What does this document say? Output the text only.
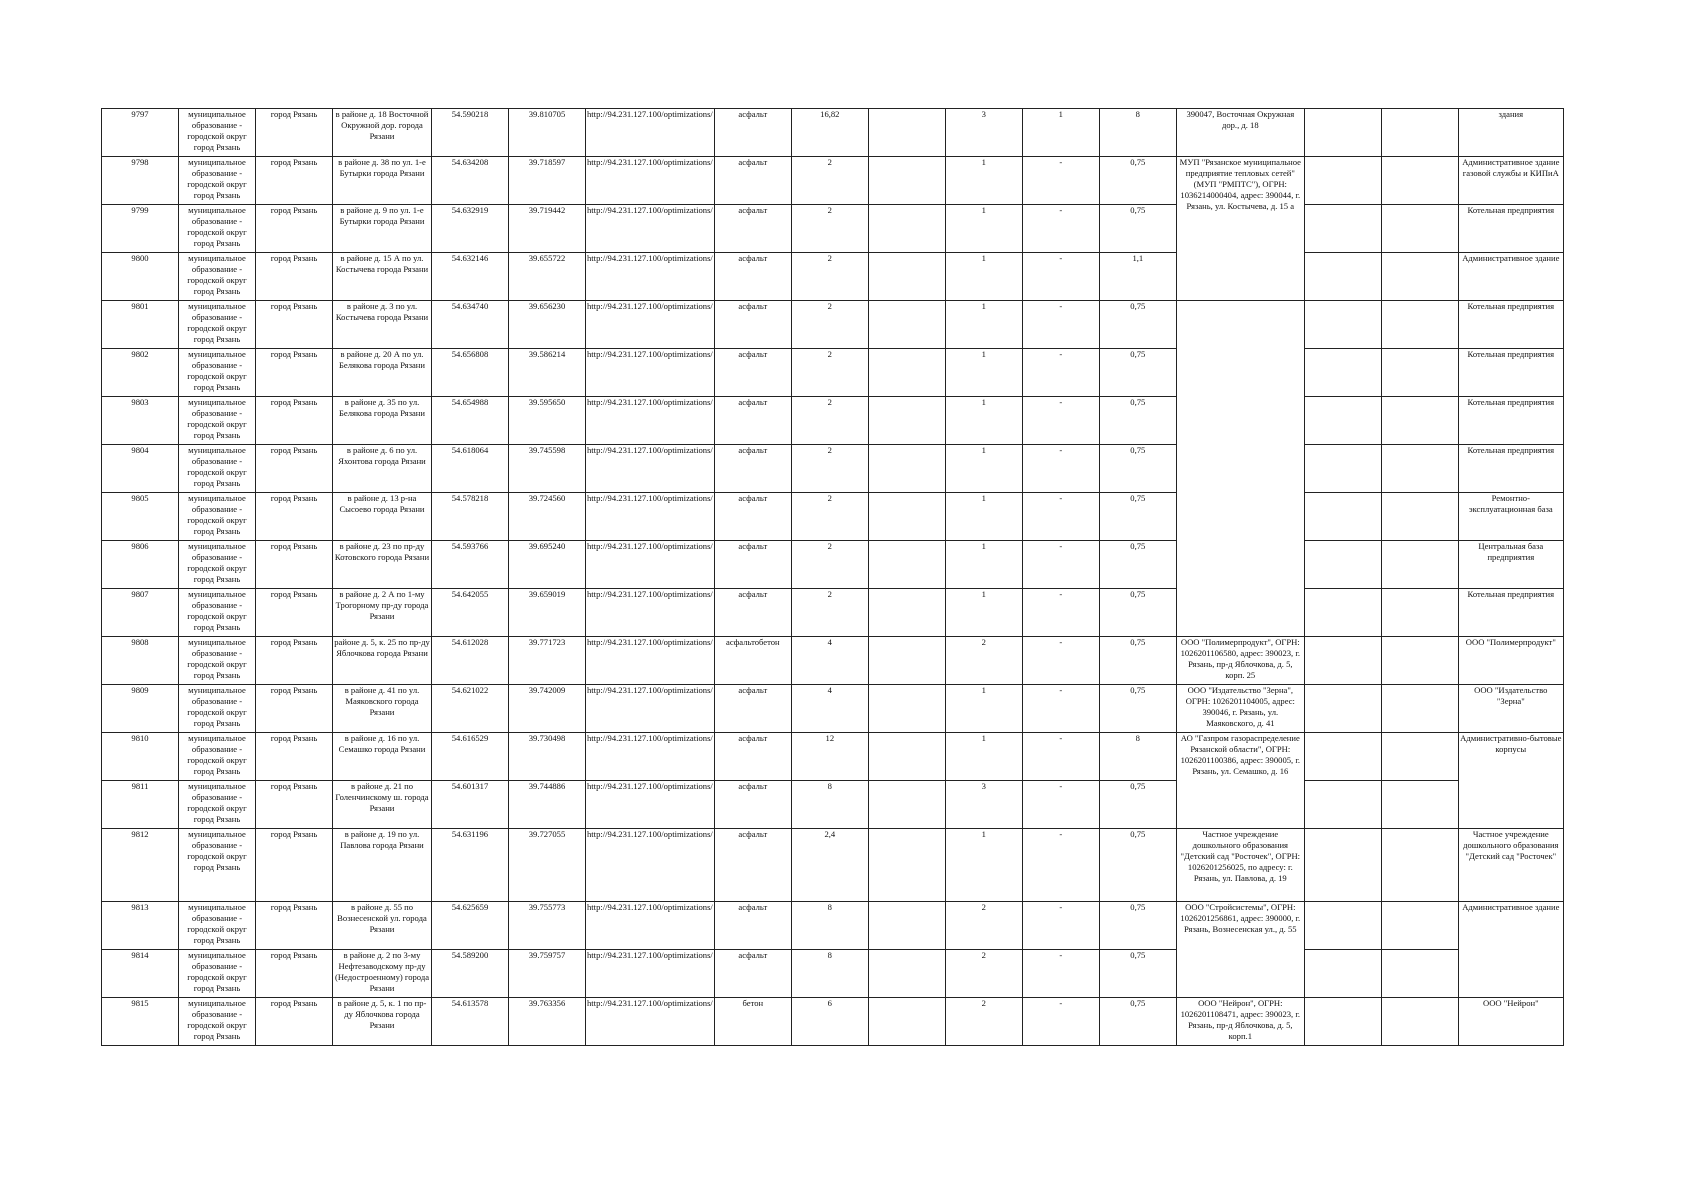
9797	муниципальное образование - городской округ город Рязань	город Рязань	в районе д. 18 Восточной Окружной дор. города Рязани	54.590218	39.810705	http://94.231.127.100/optimizations/	асфальт	16,82		3	1	8	390047, Восточная Окружная дор., д. 18			здания
9798	муниципальное образование - городской округ город Рязань	город Рязань	в районе д. 38 по ул. 1-е Бутырки города Рязани	54.634208	39.718597	http://94.231.127.100/optimizations/	асфальт	2		1	-	0,75	МУП "Рязанское муниципальное предприятие тепловых сетей" (МУП "РМПТС"), ОГРН: 1036214000404, адрес: 390044, г. Рязань, ул. Костычева, д. 15 а			Административное здание газовой службы и КИПиА
9799	муниципальное образование - городской округ город Рязань	город Рязань	в районе д. 9 по ул. 1-е Бутырки города Рязани	54.632919	39.719442	http://94.231.127.100/optimizations/	асфальт	2		1	-	0,75				Котельная предприятия
9800	муниципальное образование - городской округ город Рязань	город Рязань	в районе д. 15 А по ул. Костычева города Рязани	54.632146	39.655722	http://94.231.127.100/optimizations/	асфальт	2		1	-	1,1				Административное здание
9801	муниципальное образование - городской округ город Рязань	город Рязань	в районе д. 3 по ул. Костычева города Рязани	54.634740	39.656230	http://94.231.127.100/optimizations/	асфальт	2		1	-	0,75				Котельная предприятия
9802	муниципальное образование - городской округ город Рязань	город Рязань	в районе д. 20 А по ул. Белякова города Рязани	54.656808	39.586214	http://94.231.127.100/optimizations/	асфальт	2		1	-	0,75				Котельная предприятия
9803	муниципальное образование - городской округ город Рязань	город Рязань	в районе д. 35 по ул. Белякова города Рязани	54.654988	39.595650	http://94.231.127.100/optimizations/	асфальт	2		1	-	0,75				Котельная предприятия
9804	муниципальное образование - городской округ город Рязань	город Рязань	в районе д. 6 по ул. Яхонтова города Рязани	54.618064	39.745598	http://94.231.127.100/optimizations/	асфальт	2		1	-	0,75				Котельная предприятия
9805	муниципальное образование - городской округ город Рязань	город Рязань	в районе д. 13 р-на Сысоево города Рязани	54.578218	39.724560	http://94.231.127.100/optimizations/	асфальт	2		1	-	0,75				Ремонтно-эксплуатационная база
9806	муниципальное образование - городской округ город Рязань	город Рязань	в районе д. 23 по пр-ду Котовского города Рязани	54.593766	39.695240	http://94.231.127.100/optimizations/	асфальт	2		1	-	0,75				Центральная база предприятия
9807	муниципальное образование - городской округ город Рязань	город Рязань	в районе д. 2 А по 1-му Трогорному пр-ду города Рязани	54.642055	39.659019	http://94.231.127.100/optimizations/	асфальт	2		1	-	0,75				Котельная предприятия
9808	муниципальное образование - городской округ город Рязань	город Рязань	районе д. 5, к. 25 по пр-ду Яблочкова города Рязани	54.612028	39.771723	http://94.231.127.100/optimizations/	асфальтобетон	4		2	-	0,75	ООО "Полимерпродукт", ОГРН: 1026201106580, адрес: 390023, г. Рязань, пр-д Яблочкова, д. 5, корп. 25			ООО "Полимерпродукт"
9809	муниципальное образование - городской округ город Рязань	город Рязань	в районе д. 41 по ул. Маяковского города Рязани	54.621022	39.742009	http://94.231.127.100/optimizations/	асфальт	4		1	-	0,75	ООО "Издательство "Зерна", ОГРН: 1026201104005, адрес: 390046, г. Рязань, ул. Маяковского, д. 41			ООО "Издательство "Зерна"
9810	муниципальное образование - городской округ город Рязань	город Рязань	в районе д. 16 по ул. Семашко города Рязани	54.616529	39.730498	http://94.231.127.100/optimizations/	асфальт	12		1	-	8	АО "Газпром газораспределение Рязанской области", ОГРН: 1026201100386, адрес: 390005, г. Рязань, ул. Семашко, д. 16			Административно-бытовые корпусы
9811	муниципальное образование - городской округ город Рязань	город Рязань	в районе д. 21 по Голенчинскому ш. города Рязани	54.601317	39.744886	http://94.231.127.100/optimizations/	асфальт	8		3	-	0,75				
9812	муниципальное образование - городской округ город Рязань	город Рязань	в районе д. 19 по ул. Павлова города Рязани	54.631196	39.727055	http://94.231.127.100/optimizations/	асфальт	2,4		1	-	0,75	Частное учреждение дошкольного образования "Детский сад "Росточек", ОГРН: 1026201256025, по адресу: г. Рязань, ул. Павлова, д. 19			Частное учреждение дошкольного образования "Детский сад "Росточек"
9813	муниципальное образование - городской округ город Рязань	город Рязань	в районе д. 55 по Вознесенской ул. города Рязани	54.625659	39.755773	http://94.231.127.100/optimizations/	асфальт	8		2	-	0,75	ООО "Стройсистемы", ОГРН: 1026201256861, адрес: 390000, г. Рязань, Вознесенская ул., д. 55			Административное здание
9814	муниципальное образование - городской округ город Рязань	город Рязань	в районе д. 2 по 3-му Нефтезаводскому пр-ду (Недостроенному) города Рязани	54.589200	39.759757	http://94.231.127.100/optimizations/	асфальт	8		2	-	0,75				
9815	муниципальное образование - городской округ город Рязань	город Рязань	в районе д. 5, к. 1 по пр-ду Яблочкова города Рязани	54.613578	39.763356	http://94.231.127.100/optimizations/	бетон	6		2	-	0,75	ООО "Нейрон", ОГРН: 1026201108471, адрес: 390023, г. Рязань, пр-д Яблочкова, д. 5, корп.1			ООО "Нейрон"
